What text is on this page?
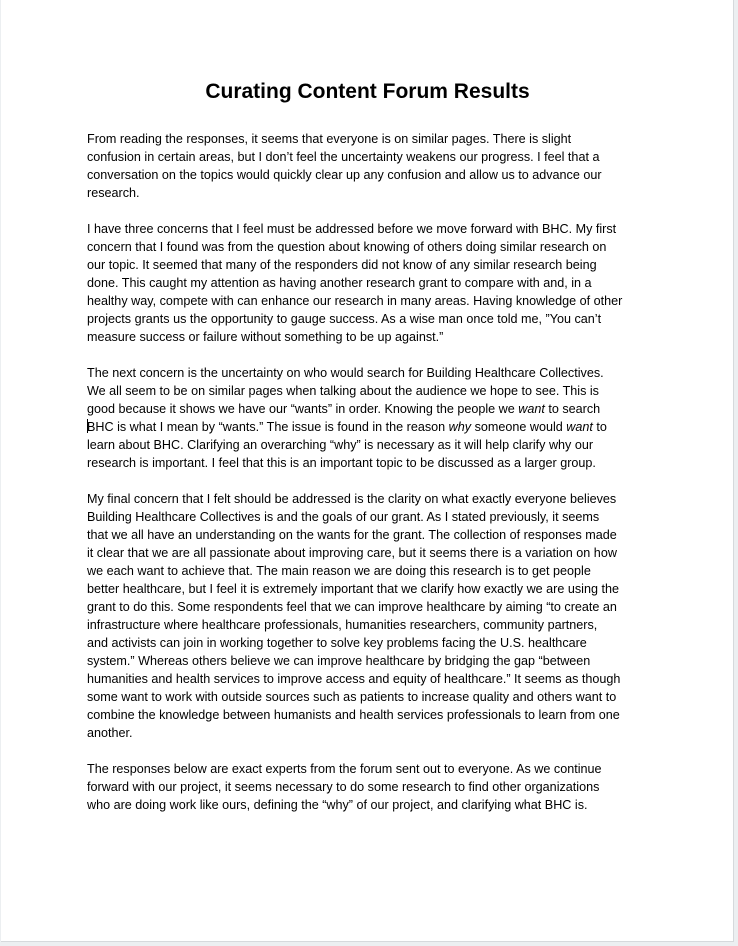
Curating Content Forum Results

From reading the responses, it seems that everyone is on similar pages. There is slight
confusion in certain areas, but I don’t feel the uncertainty weakens our progress. I feel that a
conversation on the topics would quickly clear up any confusion and allow us to advance our
research.

I have three concerns that I feel must be addressed before we move forward with BHC. My first
concern that I found was from the question about knowing of others doing similar research on
our topic. It seemed that many of the responders did not know of any similar research being
done. This caught my attention as having another research grant to compare with and, in a
healthy way, compete with can enhance our research in many areas. Having knowledge of other
projects grants us the opportunity to gauge success. As a wise man once told me, ”You can’t
measure success or failure without something to be up against.”

The next concern is the uncertainty on who would search for Building Healthcare Collectives.
We all seem to be on similar pages when talking about the audience we hope to see. This is
good because it shows we have our “wants” in order. Knowing the people we want to search
BHC is what I mean by “wants.” The issue is found in the reason why someone would want to
learn about BHC. Clarifying an overarching “why” is necessary as it will help clarify why our
research is important. I feel that this is an important topic to be discussed as a larger group.

My final concern that I felt should be addressed is the clarity on what exactly everyone believes
Building Healthcare Collectives is and the goals of our grant. As I stated previously, it seems
that we all have an understanding on the wants for the grant. The collection of responses made
it clear that we are all passionate about improving care, but it seems there is a variation on how
we each want to achieve that. The main reason we are doing this research is to get people
better healthcare, but I feel it is extremely important that we clarify how exactly we are using the
grant to do this. Some respondents feel that we can improve healthcare by aiming “to create an
infrastructure where healthcare professionals, humanities researchers, community partners,
and activists can join in working together to solve key problems facing the U.S. healthcare
system.” Whereas others believe we can improve healthcare by bridging the gap “between
humanities and health services to improve access and equity of healthcare.” It seems as though
some want to work with outside sources such as patients to increase quality and others want to
combine the knowledge between humanists and health services professionals to learn from one
another.

The responses below are exact experts from the forum sent out to everyone. As we continue
forward with our project, it seems necessary to do some research to find other organizations
who are doing work like ours, defining the “why” of our project, and clarifying what BHC is.
